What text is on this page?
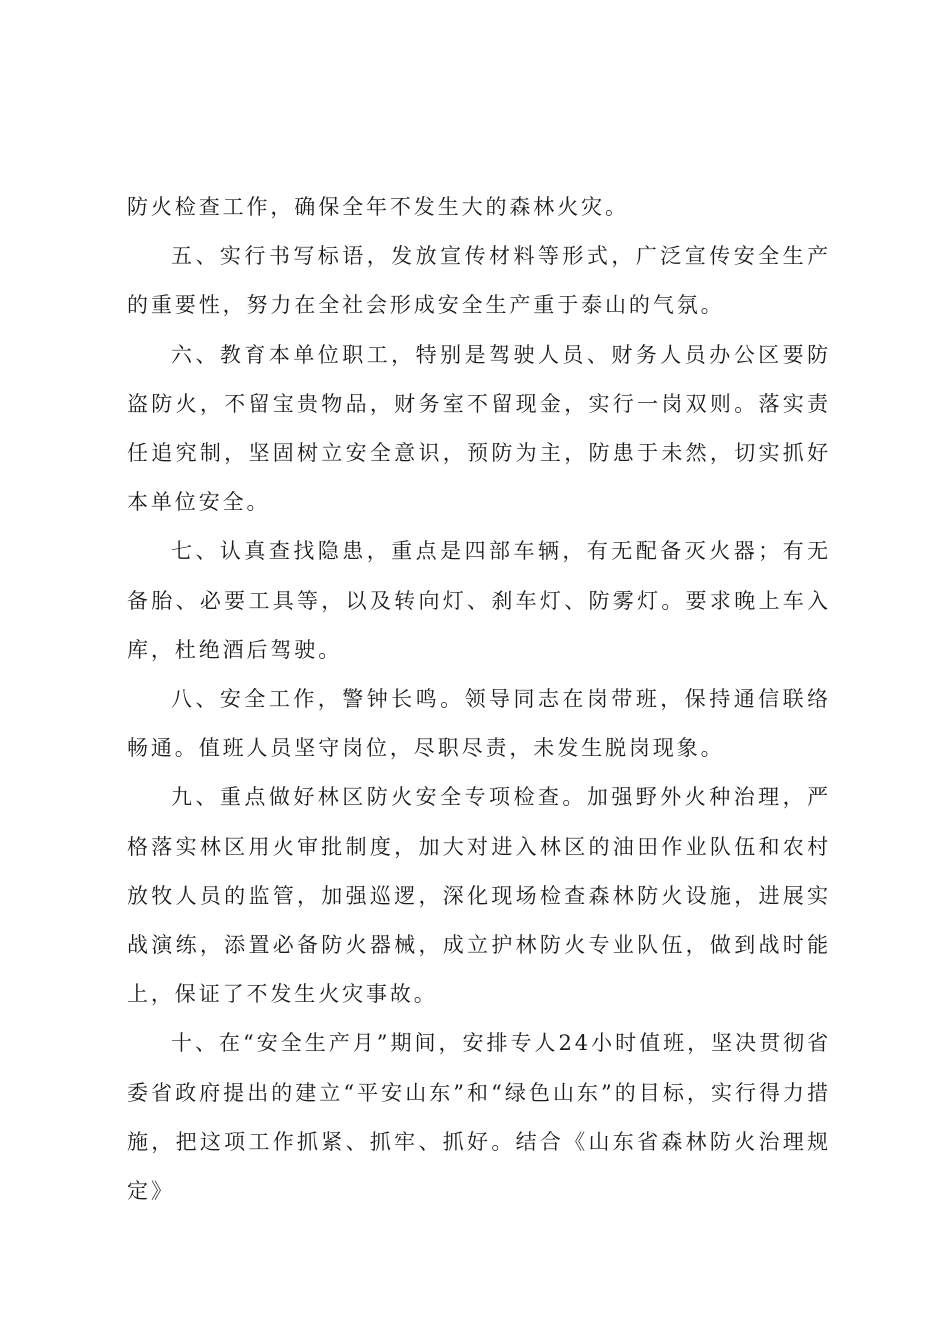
防火检查工作，确保全年不发生大的森林火灾。

五、实行书写标语，发放宣传材料等形式，广泛宣传安全生产的重要性，努力在全社会形成安全生产重于泰山的气氛。

六、教育本单位职工，特别是驾驶人员、财务人员办公区要防盗防火，不留宝贵物品，财务室不留现金，实行一岗双则。落实责任追究制，坚固树立安全意识，预防为主，防患于未然，切实抓好本单位安全。

七、认真查找隐患，重点是四部车辆，有无配备灭火器；有无备胎、必要工具等，以及转向灯、刹车灯、防雾灯。要求晚上车入库，杜绝酒后驾驶。

八、安全工作，警钟长鸣。领导同志在岗带班，保持通信联络畅通。值班人员坚守岗位，尽职尽责，未发生脱岗现象。

九、重点做好林区防火安全专项检查。加强野外火种治理，严格落实林区用火审批制度，加大对进入林区的油田作业队伍和农村放牧人员的监管，加强巡逻，深化现场检查森林防火设施，进展实战演练，添置必备防火器械，成立护林防火专业队伍，做到战时能上，保证了不发生火灾事故。

十、在“安全生产月”期间，安排专人24小时值班，坚决贯彻省委省政府提出的建立“平安山东”和“绿色山东”的目标，实行得力措施，把这项工作抓紧、抓牢、抓好。结合《山东省森林防火治理规定》
